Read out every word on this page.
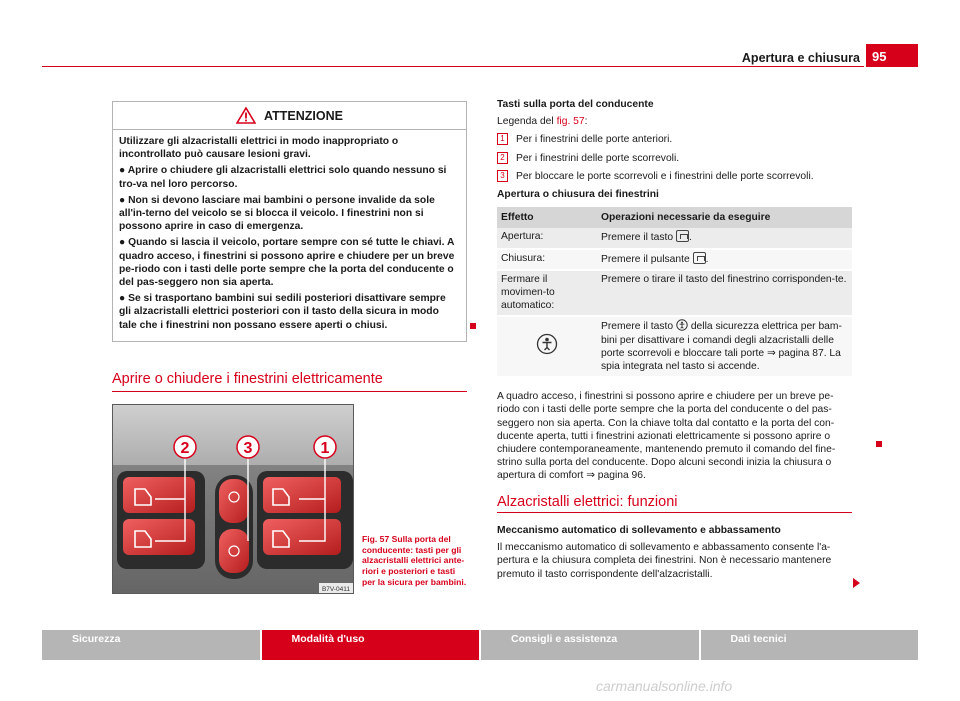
95
Apertura e chiusura
ATTENZIONE

Utilizzare gli alzacristalli elettrici in modo inappropriato o incontrollato può causare lesioni gravi.

● Aprire o chiudere gli alzacristalli elettrici solo quando nessuno si tro-va nel loro percorso.

● Non si devono lasciare mai bambini o persone invalide da sole all'in-terno del veicolo se si blocca il veicolo. I finestrini non si possono aprire in caso di emergenza.

● Quando si lascia il veicolo, portare sempre con sé tutte le chiavi. A quadro acceso, i finestrini si possono aprire e chiudere per un breve pe-riodo con i tasti delle porte sempre che la porta del conducente o del pas-seggero non sia aperta.

● Se si trasportano bambini sui sedili posteriori disattivare sempre gli alzacristalli elettrici posteriori con il tasto della sicura in modo tale che i finestrini non possano essere aperti o chiusi.

Aprire o chiudere i finestrini elettricamente
2	3	1
B7V-0411
Fig. 57 Sulla porta del conducente: tasti per gli alzacristalli elettrici ante-riori e posteriori e tasti per la sicura per bambini.
Tasti sulla porta del conducente
Legenda del fig. 57:
1	Per i finestrini delle porte anteriori.
2	Per i finestrini delle porte scorrevoli.
3	Per bloccare le porte scorrevoli e i finestrini delle porte scorrevoli.
Apertura o chiusura dei finestrini
Effetto	Operazioni necessarie da eseguire
Apertura:	Premere il tasto .
Chiusura:	Premere il pulsante .
Fermare il movimen-to automatico:	Premere o tirare il tasto del finestrino corrisponden-te.
	Premere il tasto  della sicurezza elettrica per bam-bini per disattivare i comandi degli alzacristalli delle porte scorrevoli e bloccare tali porte ⇒ pagina 87. La spia integrata nel tasto si accende.

A quadro acceso, i finestrini si possono aprire e chiudere per un breve pe-riodo con i tasti delle porte sempre che la porta del conducente o del pas-seggero non sia aperta. Con la chiave tolta dal contatto e la porta del con-ducente aperta, tutti i finestrini azionati elettricamente si possono aprire o chiudere contemporaneamente, mantenendo premuto il comando del fine-strino sulla porta del conducente. Dopo alcuni secondi inizia la chiusura o apertura di comfort ⇒ pagina 96.

Alzacristalli elettrici: funzioni
Meccanismo automatico di sollevamento e abbassamento

Il meccanismo automatico di sollevamento e abbassamento consente l'a-pertura e la chiusura completa dei finestrini. Non è necessario mantenere premuto il tasto corrispondente dell'alzacristalli.

Sicurezza	Modalità d'uso	Consigli e assistenza	Dati tecnici
carmanualsonline.info
